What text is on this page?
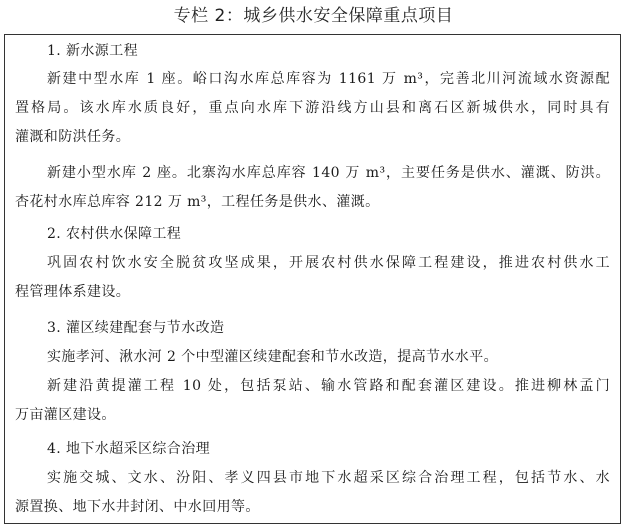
专栏 2：城乡供水安全保障重点项目
1. 新水源工程
新建中型水库 1 座。峪口沟水库总库容为 1161 万 m³，完善北川河流域水资源配
置格局。该水库水质良好，重点向水库下游沿线方山县和离石区新城供水，同时具有
灌溉和防洪任务。
新建小型水库 2 座。北寨沟水库总库容 140 万 m³，主要任务是供水、灌溉、防洪。
杏花村水库总库容 212 万 m³，工程任务是供水、灌溉。
2. 农村供水保障工程
巩固农村饮水安全脱贫攻坚成果，开展农村供水保障工程建设，推进农村供水工
程管理体系建设。
3. 灌区续建配套与节水改造
实施孝河、湫水河 2 个中型灌区续建配套和节水改造，提高节水水平。
新建沿黄提灌工程 10 处，包括泵站、输水管路和配套灌区建设。推进柳林孟门
万亩灌区建设。
4. 地下水超采区综合治理
实施交城、文水、汾阳、孝义四县市地下水超采区综合治理工程，包括节水、水
源置换、地下水井封闭、中水回用等。
